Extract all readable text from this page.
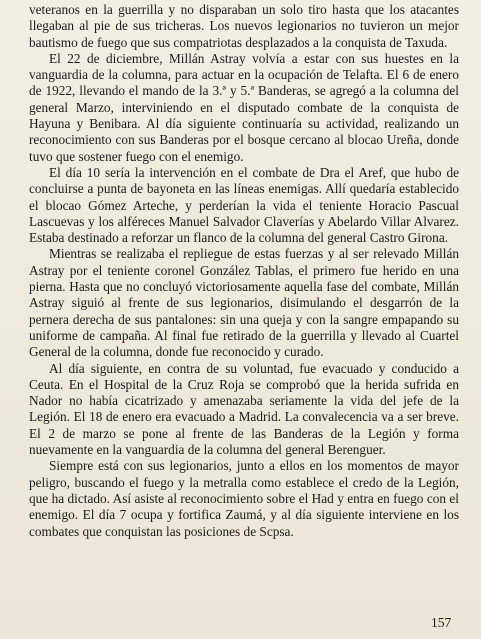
veteranos en la guerrilla y no disparaban un solo tiro hasta que los atacantes llegaban al pie de sus tricheras. Los nuevos legionarios no tuvieron un mejor bautismo de fuego que sus compatriotas desplazados a la conquista de Taxuda.

El 22 de diciembre, Millán Astray volvía a estar con sus huestes en la vanguardia de la columna, para actuar en la ocupación de Telafta. El 6 de enero de 1922, llevando el mando de la 3.ª y 5.ª Banderas, se agregó a la columna del general Marzo, interviniendo en el disputado combate de la conquista de Hayuna y Benibara. Al día siguiente continuaría su actividad, realizando un reconocimiento con sus Banderas por el bosque cercano al blocao Ureña, donde tuvo que sostener fuego con el enemigo.

El día 10 sería la intervención en el combate de Dra el Aref, que hubo de concluirse a punta de bayoneta en las líneas enemigas. Allí quedaría establecido el blocao Gómez Arteche, y perderían la vida el teniente Horacio Pascual Lascuevas y los alféreces Manuel Salvador Claverías y Abelardo Villar Alvarez. Estaba destinado a reforzar un flanco de la columna del general Castro Girona.

Mientras se realizaba el repliegue de estas fuerzas y al ser relevado Millán Astray por el teniente coronel González Tablas, el primero fue herido en una pierna. Hasta que no concluyó victoriosamente aquella fase del combate, Millán Astray siguió al frente de sus legionarios, disimulando el desgarrón de la pernera derecha de sus pantalones: sin una queja y con la sangre empapando su uniforme de campaña. Al final fue retirado de la guerrilla y llevado al Cuartel General de la columna, donde fue reconocido y curado.

Al día siguiente, en contra de su voluntad, fue evacuado y conducido a Ceuta. En el Hospital de la Cruz Roja se comprobó que la herida sufrida en Nador no había cicatrizado y amenazaba seriamente la vida del jefe de la Legión. El 18 de enero era evacuado a Madrid. La convalecencia va a ser breve. El 2 de marzo se pone al frente de las Banderas de la Legión y forma nuevamente en la vanguardia de la columna del general Berenguer.

Siempre está con sus legionarios, junto a ellos en los momentos de mayor peligro, buscando el fuego y la metralla como establece el credo de la Legión, que ha dictado. Así asiste al reconocimiento sobre el Had y entra en fuego con el enemigo. El día 7 ocupa y fortifica Zaumá, y al día siguiente interviene en los combates que conquistan las posiciones de Scpsa.

157
